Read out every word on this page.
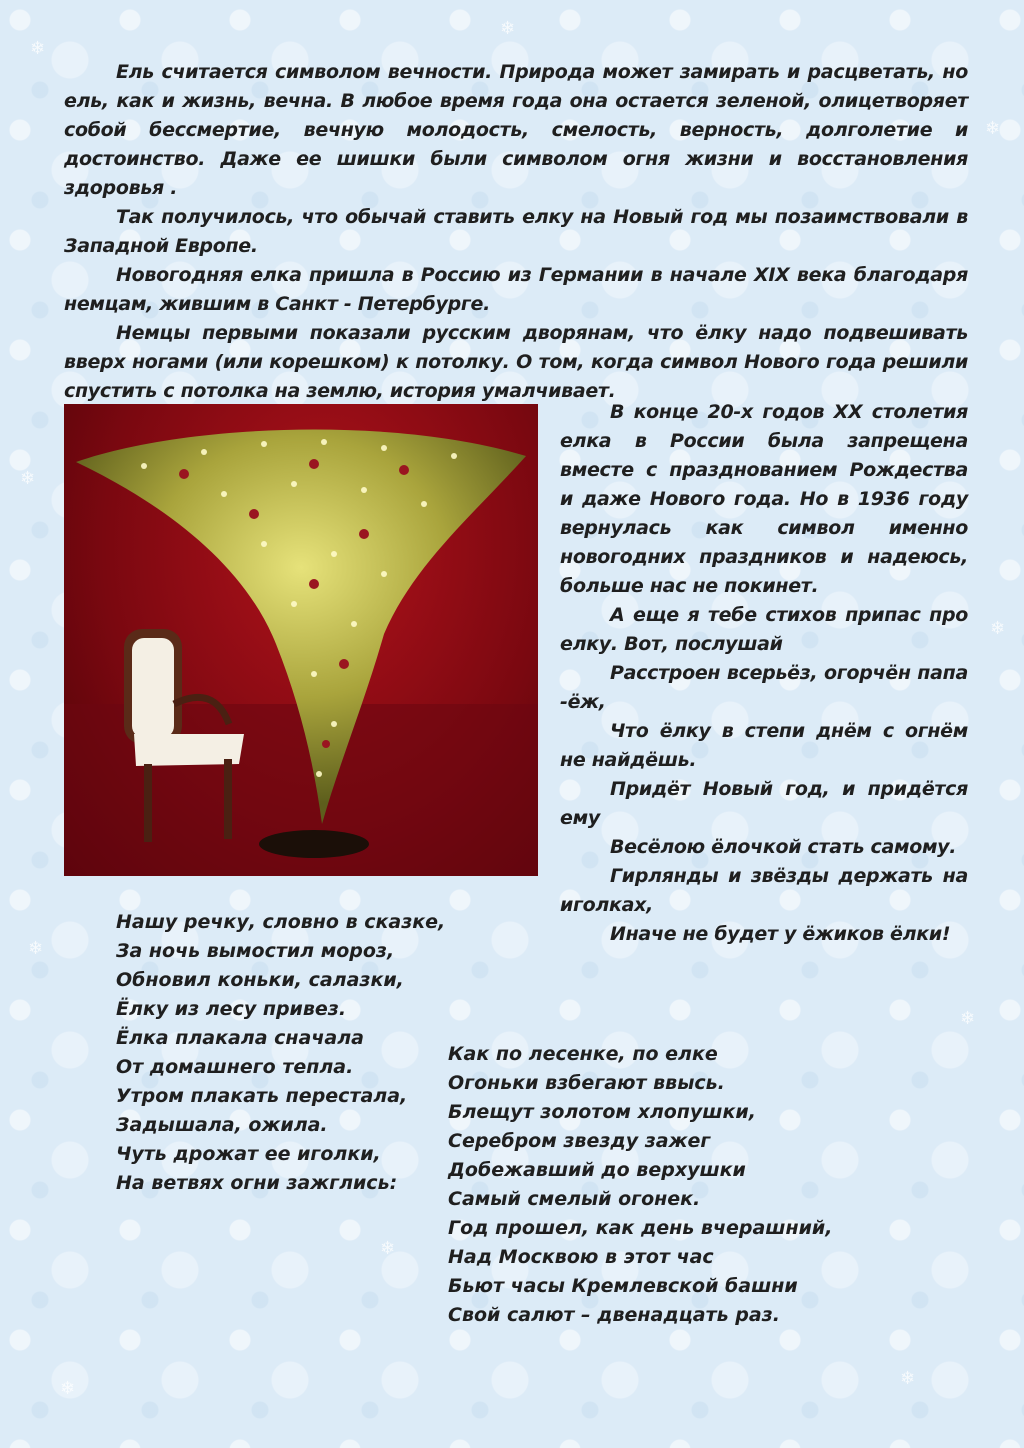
❄
❄
❄
❄
❄
❄
❄	❄
❄
❄

Ель считается символом вечности. Природа может замирать и расцветать, но ель, как и жизнь, вечна. В любое время года она остается зеленой, олицетворяет собой бессмертие, вечную молодость, смелость, верность, долголетие и достоинство. Даже ее шишки были символом огня жизни и восстановления здоровья .

Так получилось, что обычай ставить елку на Новый год мы позаимствовали в Западной Европе.

Новогодняя елка пришла в Россию из Германии в начале XIX века благодаря немцам, жившим в Санкт - Петербурге.

Немцы первыми показали русским дворянам, что ёлку надо подвешивать вверх ногами (или корешком) к потолку. О том, когда символ Нового года решили спустить с потолка на землю, история умалчивает.

В конце 20-х годов XX столетия елка в России была запрещена вместе с празднованием Рождества и даже Нового года. Но в 1936 году вернулась как символ именно новогодних праздников и надеюсь, больше нас не покинет.

А еще я тебе стихов припас про елку. Вот, послушай

Расстроен всерьёз, огорчён папа -ёж,

Что ёлку в степи днём с огнём не найдёшь.

Придёт Новый год, и придётся ему

Весёлою ёлочкой стать самому.

Гирлянды и звёзды держать на иголках,

Иначе не будет у ёжиков ёлки!

Нашу речку, словно в сказке,
За ночь вымостил мороз,
Обновил коньки, салазки,
Ёлку из лесу привез.
Ёлка плакала сначала
От домашнего тепла.
Утром плакать перестала,
Задышала, ожила.
Чуть дрожат ее иголки,
На ветвях огни зажглись:
Как по лесенке, по елке
Огоньки взбегают ввысь.
Блещут золотом хлопушки,
Серебром звезду зажег
Добежавший до верхушки
Самый смелый огонек.
Год прошел, как день вчерашний,
Над Москвою в этот час
Бьют часы Кремлевской башни
Свой салют – двенадцать раз.
